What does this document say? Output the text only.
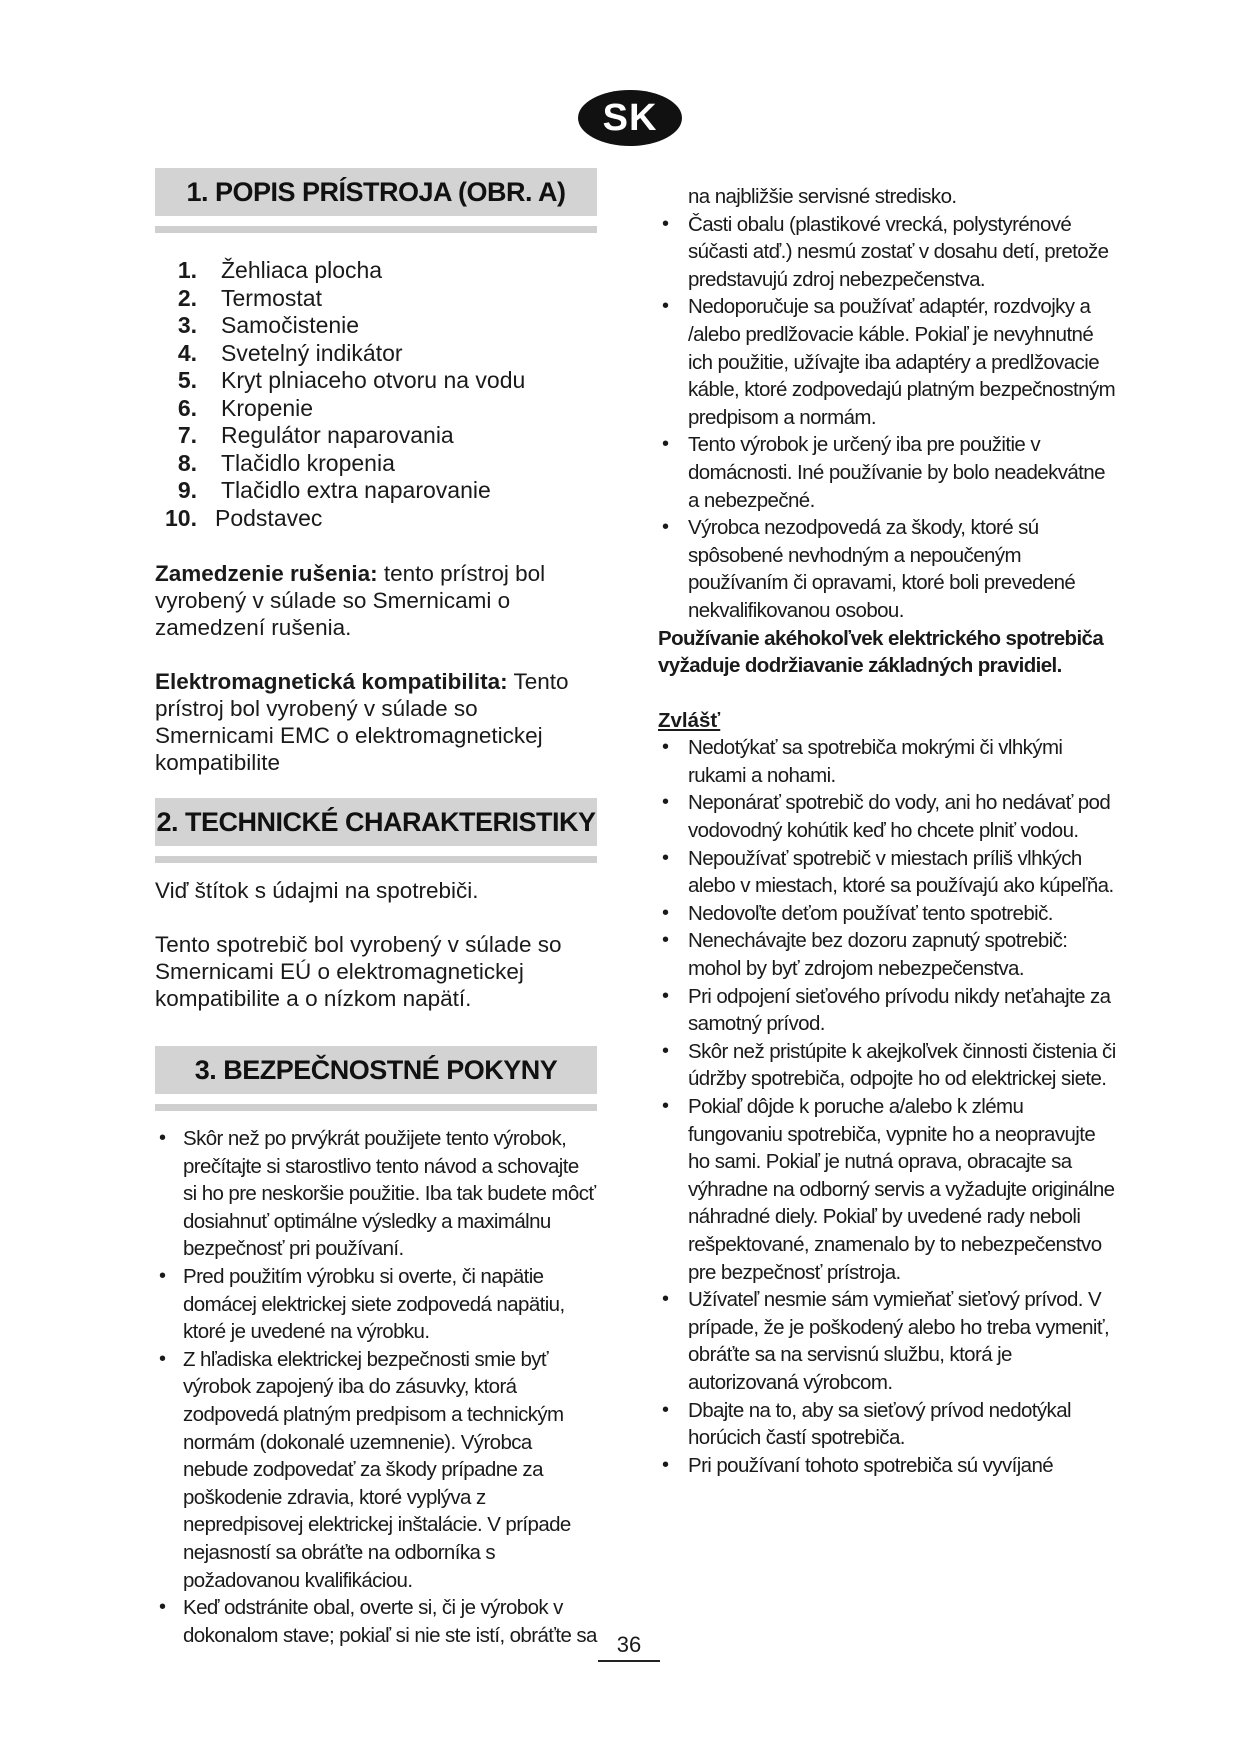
SK
1. POPIS PRÍSTROJA (OBR. A)
1. Žehliaca plocha
2. Termostat
3. Samočistenie
4. Svetelný indikátor
5. Kryt plniaceho otvoru na vodu
6. Kropenie
7. Regulátor naparovania
8. Tlačidlo kropenia
9. Tlačidlo extra naparovanie
10. Podstavec

Zamedzenie rušenia: tento prístroj bol vyrobený v súlade so Smernicami o zamedzení rušenia.

Elektromagnetická kompatibilita: Tento prístroj bol vyrobený v súlade so Smernicami EMC o elektromagnetickej kompatibilite

2. TECHNICKÉ CHARAKTERISTIKY

Viď štítok s údajmi na spotrebiči.

Tento spotrebič bol vyrobený v súlade so Smernicami EÚ o elektromagnetickej kompatibilite a o nízkom napätí.

3. BEZPEČNOSTNÉ POKYNY
• Skôr než po prvýkrát použijete tento výrobok, prečítajte si starostlivo tento návod a schovajte si ho pre neskoršie použitie. Iba tak budete môcť dosiahnuť optimálne výsledky a maximálnu bezpečnosť pri používaní.
• Pred použitím výrobku si overte, či napätie domácej elektrickej siete zodpovedá napätiu, ktoré je uvedené na výrobku.
• Z hľadiska elektrickej bezpečnosti smie byť výrobok zapojený iba do zásuvky, ktorá zodpovedá platným predpisom a technickým normám (dokonalé uzemnenie). Výrobca nebude zodpovedať za škody prípadne za poškodenie zdravia, ktoré vyplýva z nepredpisovej elektrickej inštalácie. V prípade nejasností sa obráťte na odborníka s požadovanou kvalifikáciou.
• Keď odstránite obal, overte si, či je výrobok v dokonalom stave; pokiaľ si nie ste istí, obráťte sa

na najbližšie servisné stredisko.

• Časti obalu (plastikové vrecká, polystyrénové súčasti atď.) nesmú zostať v dosahu detí, pretože predstavujú zdroj nebezpečenstva.
• Nedoporučuje sa používať adaptér, rozdvojky a /alebo predlžovacie káble. Pokiaľ je nevyhnutné ich použitie, užívajte iba adaptéry a predlžovacie káble, ktoré zodpovedajú platným bezpečnostným predpisom a normám.
• Tento výrobok je určený iba pre použitie v domácnosti. Iné používanie by bolo neadekvátne a nebezpečné.
• Výrobca nezodpovedá za škody, ktoré sú spôsobené nevhodným a nepoučeným používaním či opravami, ktoré boli prevedené nekvalifikovanou osobou.

Používanie akéhokoľvek elektrického spotrebiča vyžaduje dodržiavanie základných pravidiel.

Zvlášť

• Nedotýkať sa spotrebiča mokrými či vlhkými rukami a nohami.
• Neponárať spotrebič do vody, ani ho nedávať pod vodovodný kohútik keď ho chcete plniť vodou.
• Nepoužívať spotrebič v miestach príliš vlhkých alebo v miestach, ktoré sa používajú ako kúpeľňa.
• Nedovoľte deťom používať tento spotrebič.
• Nenechávajte bez dozoru zapnutý spotrebič: mohol by byť zdrojom nebezpečenstva.
• Pri odpojení sieťového prívodu nikdy neťahajte za samotný prívod.
• Skôr než pristúpite k akejkoľvek činnosti čistenia či údržby spotrebiča, odpojte ho od elektrickej siete.
• Pokiaľ dôjde k poruche a/alebo k zlému fungovaniu spotrebiča, vypnite ho a neopravujte ho sami. Pokiaľ je nutná oprava, obracajte sa výhradne na odborný servis a vyžadujte originálne náhradné diely. Pokiaľ by uvedené rady neboli rešpektované, znamenalo by to nebezpečenstvo pre bezpečnosť prístroja.
• Užívateľ nesmie sám vymieňať sieťový prívod. V prípade, že je poškodený alebo ho treba vymeniť, obráťte sa na servisnú službu, ktorá je autorizovaná výrobcom.
• Dbajte na to, aby sa sieťový prívod nedotýkal horúcich častí spotrebiča.
• Pri používaní tohoto spotrebiča sú vyvíjané
36
